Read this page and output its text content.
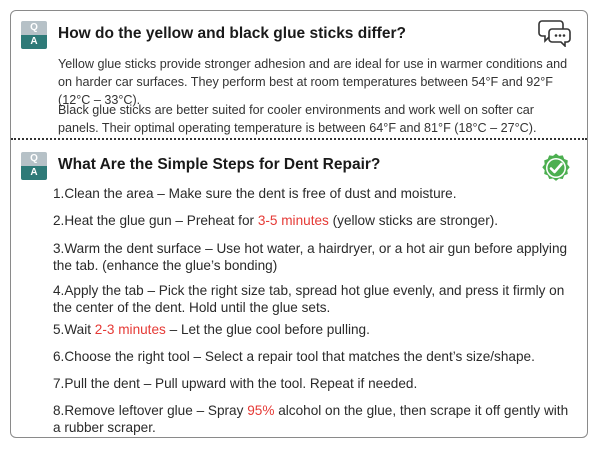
Q
A	How do the yellow and black glue sticks differ?
Yellow glue sticks provide stronger adhesion and are ideal for use in warmer conditions and on harder car surfaces. They perform best at room temperatures between 54°F and 92°F (12°C – 33°C).
Black glue sticks are better suited for cooler environments and work well on softer car panels. Their optimal operating temperature is between 64°F and 81°F (18°C – 27°C).
Q
A	What Are the Simple Steps for Dent Repair?
1.Clean the area – Make sure the dent is free of dust and moisture.
2.Heat the glue gun – Preheat for 3-5 minutes (yellow sticks are stronger).
3.Warm the dent surface – Use hot water, a hairdryer, or a hot air gun before applying the tab. (enhance the glue’s bonding)
4.Apply the tab – Pick the right size tab, spread hot glue evenly, and press it firmly on the center of the dent. Hold until the glue sets.
5.Wait 2-3 minutes – Let the glue cool before pulling.
6.Choose the right tool – Select a repair tool that matches the dent’s size/shape.
7.Pull the dent – Pull upward with the tool. Repeat if needed.
8.Remove leftover glue – Spray 95% alcohol on the glue, then scrape it off gently with a rubber scraper.
